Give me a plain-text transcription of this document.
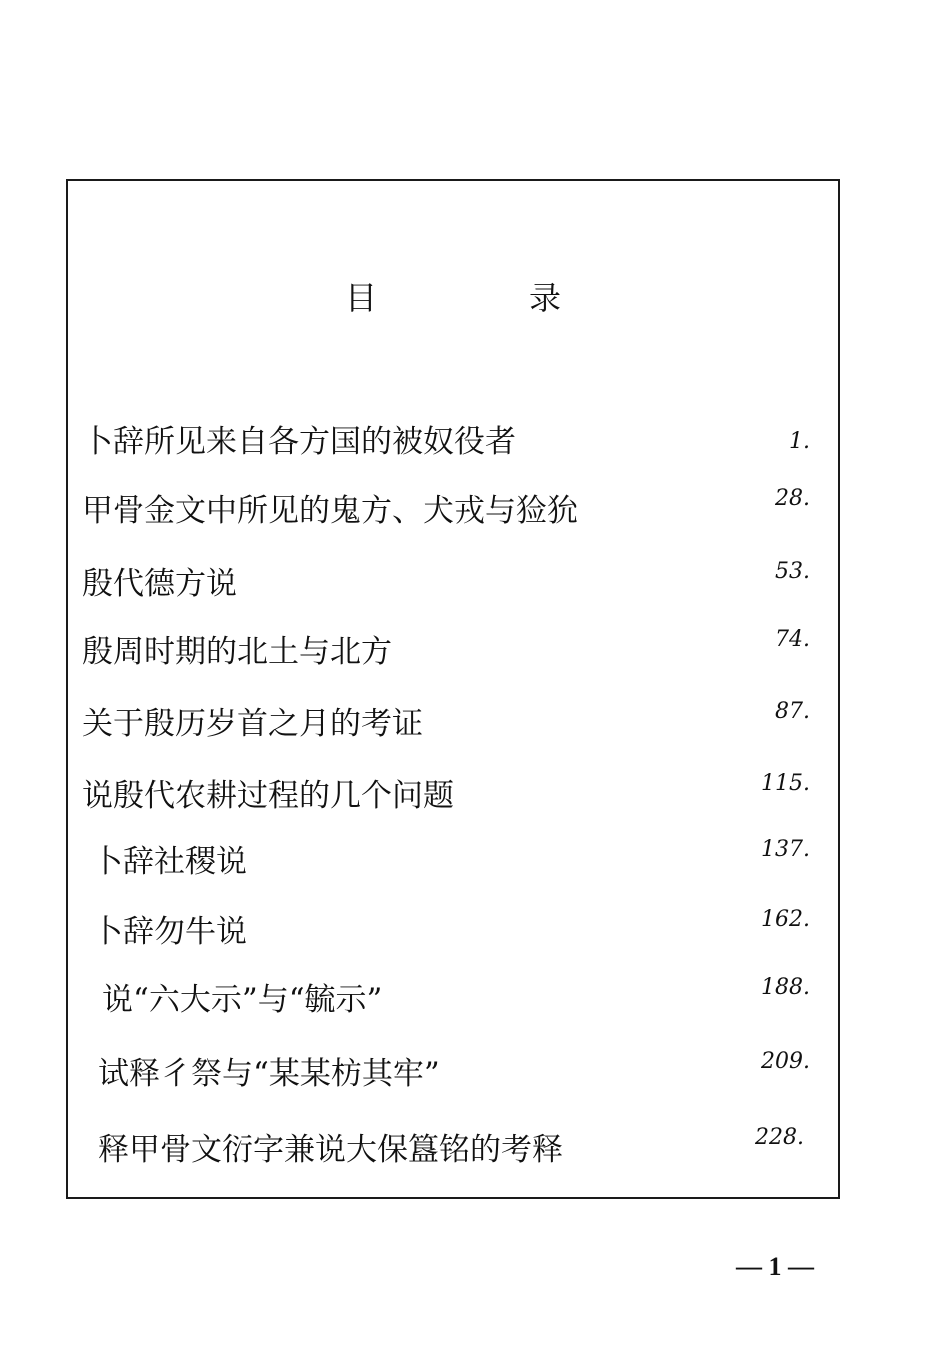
目　录
卜辞所见来自各方国的被奴役者	1.
甲骨金文中所见的鬼方、犬戎与猃狁	28.
殷代德方说	53.
殷周时期的北土与北方	74.
关于殷历岁首之月的考证	87.
说殷代农耕过程的几个问题	115.
卜辞社稷说	137.
卜辞勿牛说	162.
说“六大示”与“毓示”	188.
试释彳祭与“某某枋其牢”	209.
释甲骨文衍字兼说大保簋铭的考释	228.
— 1 —
